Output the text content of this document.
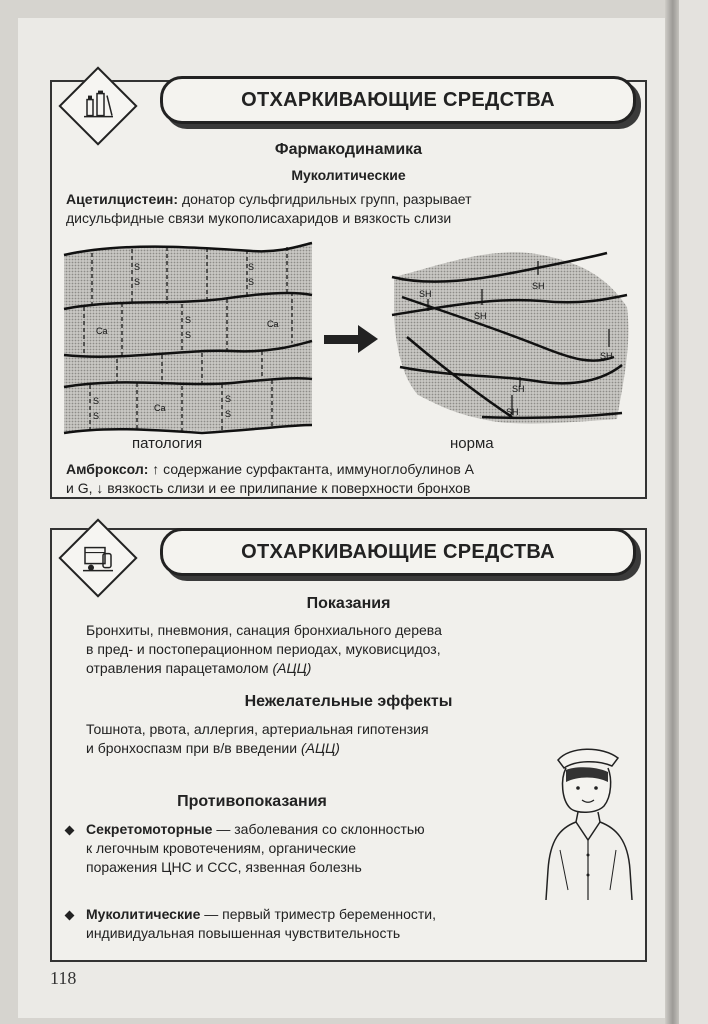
ОТХАРКИВАЮЩИЕ СРЕДСТВА
Фармакодинамика
Муколитические
Ацетилцистеин: донатор сульфгидрильных групп, разрывает
дисульфидные связи мукополисахаридов и вязкость слизи
S
S
S
S
Ca
S
S
Ca
S
S
Ca
S
S
SH
SH
SH
SH
SH
SH
патология	норма
Амброксол: ↑ содержание сурфактанта, иммуноглобулинов А
и G, ↓ вязкость слизи и ее прилипание к поверхности бронхов
ОТХАРКИВАЮЩИЕ СРЕДСТВА
Показания
Бронхиты, пневмония, санация бронхиального дерева
в пред- и постоперационном периодах, муковисцидоз,
отравления парацетамолом (АЦЦ)
Нежелательные эффекты
Тошнота, рвота, аллергия, артериальная гипотензия
и бронхоспазм при в/в введении (АЦЦ)
Противопоказания
Секретомоторные — заболевания со склонностью
к легочным кровотечениям, органические
поражения ЦНС и ССС, язвенная болезнь
Муколитические — первый триместр беременности,
индивидуальная повышенная чувствительность
118
